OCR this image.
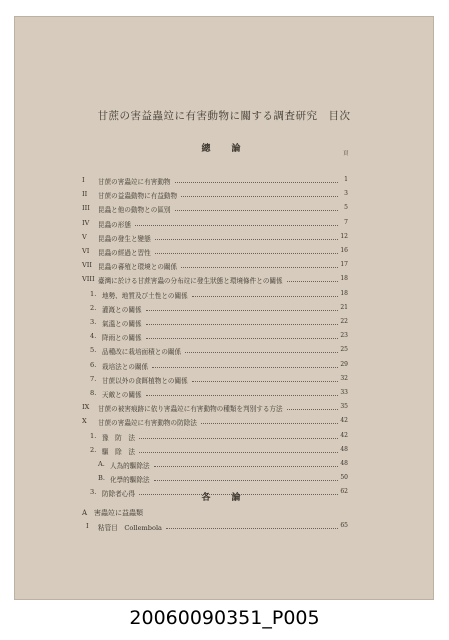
甘蔗の害益蟲竝に有害動物に關する調査研究　目次
總　論	頁
I 甘蔗の害蟲竝に有害動物	1
II 甘蔗の益蟲動物に有益動物	3
III 昆蟲と他の動物との區別	5
IV 昆蟲の形態	7
V 昆蟲の發生と變態	12
VI 昆蟲の經過と習性	16
VII 昆蟲の蕃殖と環境との關係	17
VIII 臺灣に於ける甘蔗害蟲の分布竝に發生狀態と環境條件との關係	18
1. 地勢、地質及び土性との關係	18
2. 灌漑との關係	21
3. 氣溫との關係	22
4. 降雨との關係	23
5. 品種改に栽培面積との關係	25
6. 栽培法との關係	29
7. 甘蔗以外の食餌植物との關係	32
8. 天敵との關係	33
IX 甘蔗の被害痕跡に依り害蟲竝に有害動物の種類を判別する方法	35
X 甘蔗の害蟲竝に有害動物の防除法	42
1. 豫　防　法	42
2. 驅　除　法	48
A. 人為的驅除法	48
B. 化學的驅除法	50
3. 防除者心得	62
各　論
A　害蟲竝に益蟲類
I 粘管目　Collembola	65
20060090351_P005
